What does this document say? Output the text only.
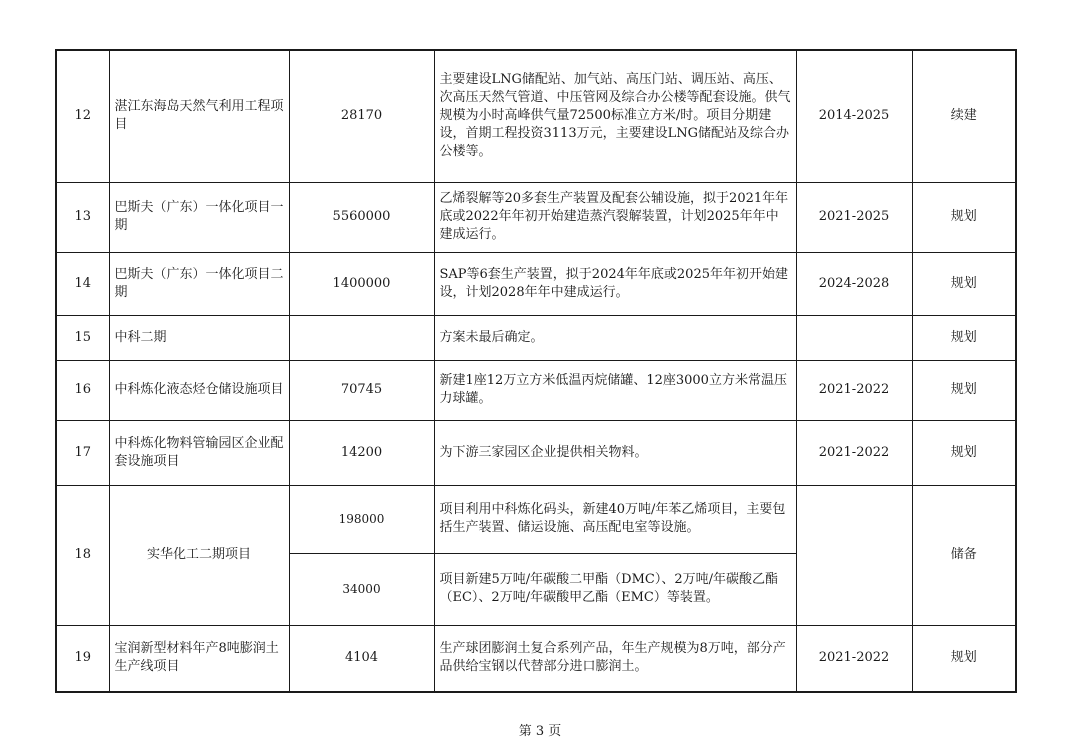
12	湛江东海岛天然气利用工程项目	28170	主要建设LNG储配站、加气站、高压门站、调压站、高压、次高压天然气管道、中压管网及综合办公楼等配套设施。供气规模为小时高峰供气量72500标准立方米/时。项目分期建设，首期工程投资3113万元，主要建设LNG储配站及综合办公楼等。	2014-2025	续建
13	巴斯夫（广东）一体化项目一期	5560000	乙烯裂解等20多套生产装置及配套公辅设施，拟于2021年年底或2022年年初开始建造蒸汽裂解装置，计划2025年年中建成运行。	2021-2025	规划
14	巴斯夫（广东）一体化项目二期	1400000	SAP等6套生产装置，拟于2024年年底或2025年年初开始建设，计划2028年年中建成运行。	2024-2028	规划
15	中科二期		方案未最后确定。		规划
16	中科炼化液态烃仓储设施项目	70745	新建1座12万立方米低温丙烷储罐、12座3000立方米常温压力球罐。	2021-2022	规划
17	中科炼化物料管输园区企业配套设施项目	14200	为下游三家园区企业提供相关物料。	2021-2022	规划
18	实华化工二期项目	198000	项目利用中科炼化码头，新建40万吨/年苯乙烯项目，主要包括生产装置、储运设施、高压配电室等设施。		储备
		34000	项目新建5万吨/年碳酸二甲酯（DMC）、2万吨/年碳酸乙酯（EC）、2万吨/年碳酸甲乙酯（EMC）等装置。		
19	宝润新型材料年产8吨膨润土生产线项目	4104	生产球团膨润土复合系列产品，年生产规模为8万吨，部分产品供给宝钢以代替部分进口膨润土。	2021-2022	规划
第 3 页
